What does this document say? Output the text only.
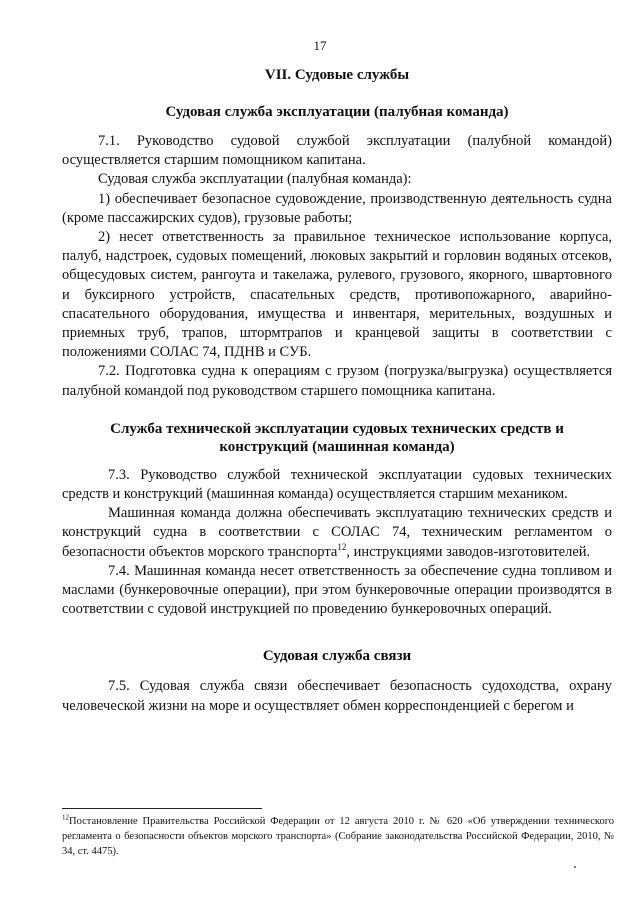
17
VII. Судовые службы
Судовая служба эксплуатации (палубная команда)

7.1. Руководство судовой службой эксплуатации (палубной командой) осуществляется старшим помощником капитана.

Судовая служба эксплуатации (палубная команда):

1) обеспечивает безопасное судовождение, производственную деятельность судна (кроме пассажирских судов), грузовые работы;

2) несет ответственность за правильное техническое использование корпуса, палуб, надстроек, судовых помещений, люковых закрытий и горловин водяных отсеков, общесудовых систем, рангоута и такелажа, рулевого, грузового, якорного, швартовного и буксирного устройств, спасательных средств, противопожарного, аварийно-спасательного оборудования, имущества и инвентаря, мерительных, воздушных и приемных труб, трапов, штормтрапов и кранцевой защиты в соответствии с положениями СОЛАС 74, ПДНВ и СУБ.

7.2. Подготовка судна к операциям с грузом (погрузка/выгрузка) осуществляется палубной командой под руководством старшего помощника капитана.

Служба технической эксплуатации судовых технических средств и
конструкций (машинная команда)

7.3. Руководство службой технической эксплуатации судовых технических средств и конструкций (машинная команда) осуществляется старшим механиком.

Машинная команда должна обеспечивать эксплуатацию технических средств и конструкций судна в соответствии с СОЛАС 74, техническим регламентом о безопасности объектов морского транспорта$^{12}$, инструкциями заводов-изготовителей.

7.4. Машинная команда несет ответственность за обеспечение судна топливом и маслами (бункеровочные операции), при этом бункеровочные операции производятся в соответствии с судовой инструкцией по проведению бункеровочных операций.

Судовая служба связи

7.5. Судовая служба связи обеспечивает безопасность судоходства, охрану человеческой жизни на море и осуществляет обмен корреспонденцией с берегом и

$^{12}$Постановление Правительства Российской Федерации от 12 августа 2010 г. № 620 «Об утверждении технического регламента о безопасности объектов морского транспорта» (Собрание законодательства Российской Федерации, 2010, № 34, ст. 4475).
